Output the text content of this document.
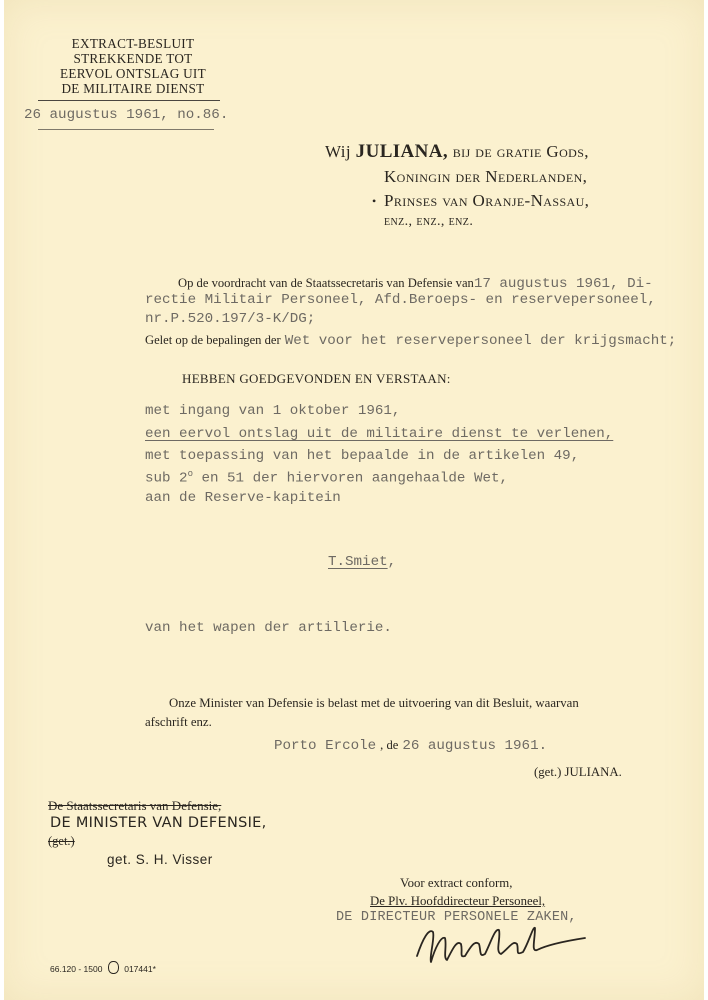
EXTRACT-BESLUIT
STREKKENDE TOT
EERVOL ONTSLAG UIT
DE MILITAIRE DIENST
26 augustus 1961, no.86.
Wij JULIANA, bij de gratie Gods,
Koningin der Nederlanden,
Prinses van Oranje-Nassau,
•
enz., enz., enz.
Op de voordracht van de Staatssecretaris van Defensie van17 augustus 1961, Di-
rectie Militair Personeel, Afd.Beroeps- en reservepersoneel,
nr.P.520.197/3-K/DG;
Gelet op de bepalingen der Wet voor het reservepersoneel der krijgsmacht;
HEBBEN GOEDGEVONDEN EN VERSTAAN:
met ingang van 1 oktober 1961,
een eervol ontslag uit de militaire dienst te verlenen,
met toepassing van het bepaalde in de artikelen 49,
sub 2$^o$ en 51 der hiervoren aangehaalde Wet,
aan de Reserve-kapitein
T.Smiet,
van het wapen der artillerie.
Onze Minister van Defensie is belast met de uitvoering van dit Besluit, waarvan
afschrift enz.
Porto Ercole , de 26 augustus 1961.
(get.) JULIANA.
De Staatssecretaris van Defensie,
DE MINISTER VAN DEFENSIE,
(get.)
get. S. H. Visser
Voor extract conform,
De Plv. Hoofddirecteur Personeel,
DE DIRECTEUR PERSONELE ZAKEN,
66.120 - 1500	017441*
